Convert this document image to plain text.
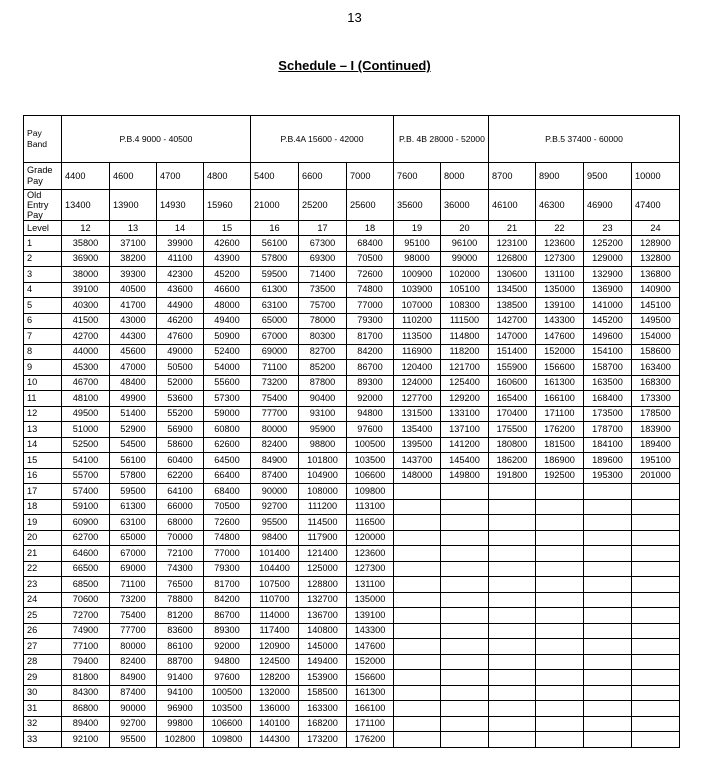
13
Schedule – I (Continued)
Pay Band	P.B.4 9000 - 40500				P.B.4A 15600 - 42000			P.B. 4B 28000 - 52000		P.B.5 37400 - 60000			
Grade Pay	4400	4600	4700	4800	5400	6600	7000	7600	8000	8700	8900	9500	10000
Old Entry Pay	13400	13900	14930	15960	21000	25200	25600	35600	36000	46100	46300	46900	47400
Level	12	13	14	15	16	17	18	19	20	21	22	23	24
1	35800	37100	39900	42600	56100	67300	68400	95100	96100	123100	123600	125200	128900
2	36900	38200	41100	43900	57800	69300	70500	98000	99000	126800	127300	129000	132800
3	38000	39300	42300	45200	59500	71400	72600	100900	102000	130600	131100	132900	136800
4	39100	40500	43600	46600	61300	73500	74800	103900	105100	134500	135000	136900	140900
5	40300	41700	44900	48000	63100	75700	77000	107000	108300	138500	139100	141000	145100
6	41500	43000	46200	49400	65000	78000	79300	110200	111500	142700	143300	145200	149500
7	42700	44300	47600	50900	67000	80300	81700	113500	114800	147000	147600	149600	154000
8	44000	45600	49000	52400	69000	82700	84200	116900	118200	151400	152000	154100	158600
9	45300	47000	50500	54000	71100	85200	86700	120400	121700	155900	156600	158700	163400
10	46700	48400	52000	55600	73200	87800	89300	124000	125400	160600	161300	163500	168300
11	48100	49900	53600	57300	75400	90400	92000	127700	129200	165400	166100	168400	173300
12	49500	51400	55200	59000	77700	93100	94800	131500	133100	170400	171100	173500	178500
13	51000	52900	56900	60800	80000	95900	97600	135400	137100	175500	176200	178700	183900
14	52500	54500	58600	62600	82400	98800	100500	139500	141200	180800	181500	184100	189400
15	54100	56100	60400	64500	84900	101800	103500	143700	145400	186200	186900	189600	195100
16	55700	57800	62200	66400	87400	104900	106600	148000	149800	191800	192500	195300	201000
17	57400	59500	64100	68400	90000	108000	109800						
18	59100	61300	66000	70500	92700	111200	113100						
19	60900	63100	68000	72600	95500	114500	116500						
20	62700	65000	70000	74800	98400	117900	120000						
21	64600	67000	72100	77000	101400	121400	123600						
22	66500	69000	74300	79300	104400	125000	127300						
23	68500	71100	76500	81700	107500	128800	131100						
24	70600	73200	78800	84200	110700	132700	135000						
25	72700	75400	81200	86700	114000	136700	139100						
26	74900	77700	83600	89300	117400	140800	143300						
27	77100	80000	86100	92000	120900	145000	147600						
28	79400	82400	88700	94800	124500	149400	152000						
29	81800	84900	91400	97600	128200	153900	156600						
30	84300	87400	94100	100500	132000	158500	161300						
31	86800	90000	96900	103500	136000	163300	166100						
32	89400	92700	99800	106600	140100	168200	171100						
33	92100	95500	102800	109800	144300	173200	176200						
